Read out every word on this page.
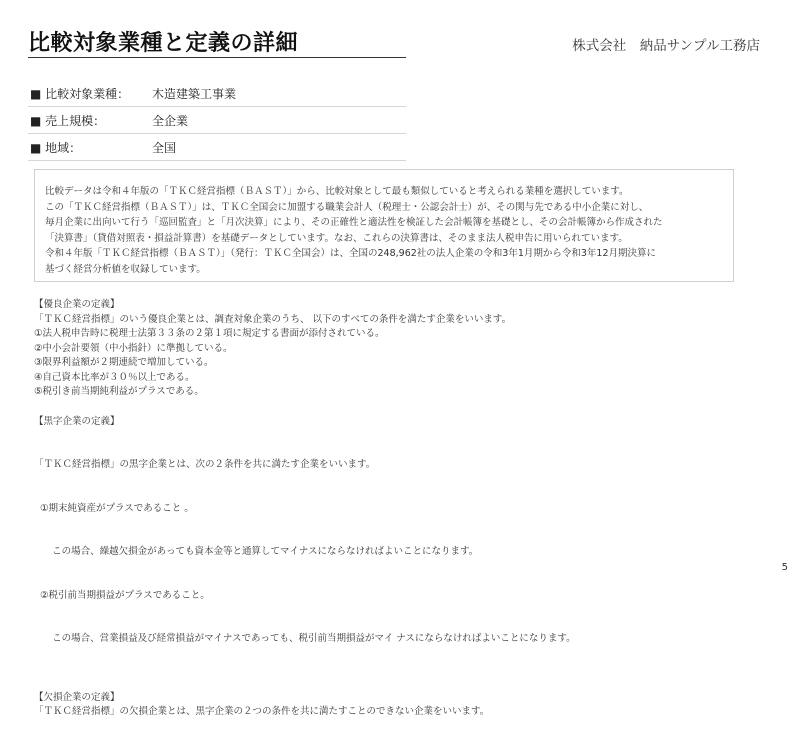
比較対象業種と定義の詳細	株式会社　納品サンプル工務店
■ 比較対象業種：	木造建築工事業
■ 売上規模：	全企業
■ 地域：	全国

比較データは令和４年版の「ＴＫＣ経営指標（ＢＡＳＴ）」から、比較対象として最も類似していると考えられる業種を選択しています。

この「ＴＫＣ経営指標（ＢＡＳＴ）」は、ＴＫＣ全国会に加盟する職業会計人（税理士・公認会計士）が、その関与先である中小企業に対し、

毎月企業に出向いて行う「巡回監査」と「月次決算」により、その正確性と適法性を検証した会計帳簿を基礎とし、その会計帳簿から作成された

「決算書」（貸借対照表・損益計算書）を基礎データとしています。なお、これらの決算書は、そのまま法人税申告に用いられています。

令和４年版「ＴＫＣ経営指標（ＢＡＳＴ）」（発行：ＴＫＣ全国会）は、全国の248,962社の法人企業の令和3年1月期から令和3年12月期決算に

基づく経営分析値を収録しています。

【優良企業の定義】

「ＴＫＣ経営指標」のいう優良企業とは、調査対象企業のうち、 以下のすべての条件を満たす企業をいいます。

①法人税申告時に税理士法第３３条の２第１項に規定する書面が添付されている。

②中小会計要領（中小指針）に準拠している。

③限界利益額が２期連続で増加している。

④自己資本比率が３０％以上である。

⑤税引き前当期純利益がプラスである。

【黒字企業の定義】

「ＴＫＣ経営指標」の黒字企業とは、次の２条件を共に満たす企業をいいます。

①期末純資産がプラスであること 。

この場合、繰越欠損金があっても資本金等と通算してマイナスにならなければよいことになります。

②税引前当期損益がプラスであること。

この場合、営業損益及び経常損益がマイナスであっても、税引前当期損益がマイ ナスにならなければよいことになります。

【欠損企業の定義】

「ＴＫＣ経営指標」の欠損企業とは、黒字企業の２つの条件を共に満たすことのできない企業をいいます。

5
